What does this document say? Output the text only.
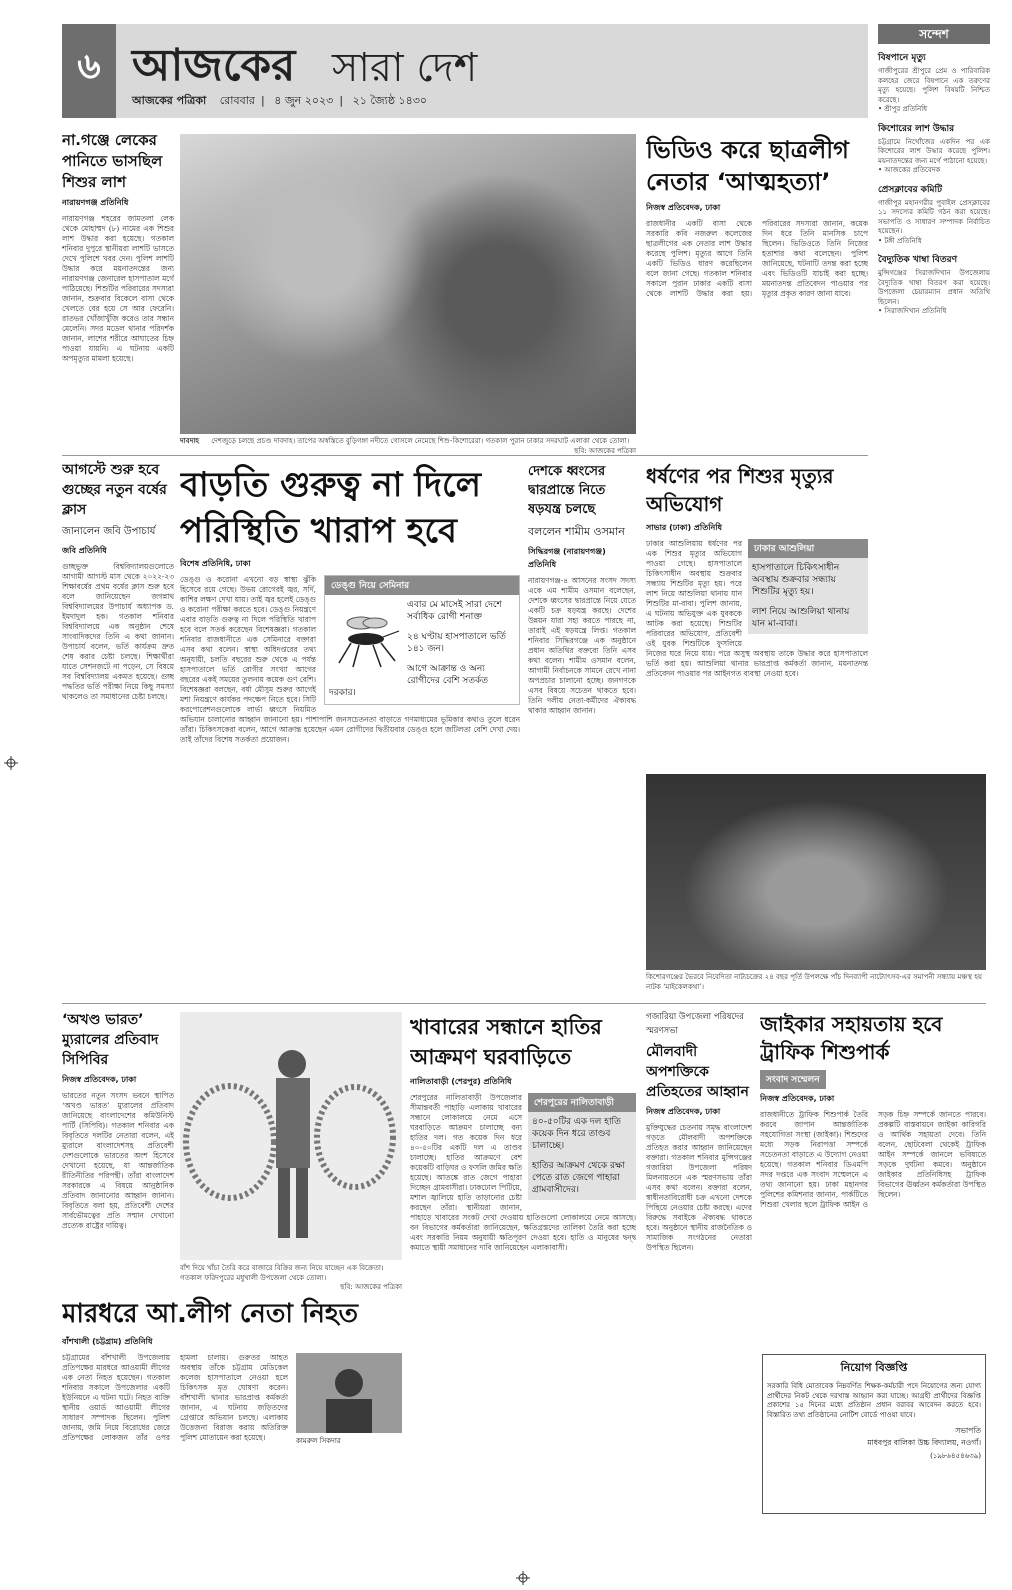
৬ আজকের সারা দেশ
আজকের পত্রিকা রোববার | ৪ জুন ২০২৩ | ২১ জ্যৈষ্ঠ ১৪৩০
সন্দেশ
বিষপানে মৃত্যু

গাজীপুরের শ্রীপুরে প্রেম ও পারিবারিক কলহের জেরে বিষপানে এক তরুণের মৃত্যু হয়েছে। পুলিশ বিষয়টি নিশ্চিত করেছে।

• শ্রীপুর প্রতিনিধি

কিশোরের লাশ উদ্ধার

চট্টগ্রামে নিখোঁজের একদিন পর এক কিশোরের লাশ উদ্ধার করেছে পুলিশ। ময়নাতদন্তের জন্য মর্গে পাঠানো হয়েছে।

• আজকের প্রতিবেদক

প্রেসক্লাবের কমিটি

গাজীপুর মহানগরীর পুবাইল প্রেসক্লাবের ১১ সদস্যের কমিটি গঠন করা হয়েছে। সভাপতি ও সাধারণ সম্পাদক নির্বাচিত হয়েছেন।

• টঙ্গী প্রতিনিধি

বৈদ্যুতিক খাম্বা বিতরণ

মুন্সিগঞ্জের সিরাজদিখান উপজেলায় বৈদ্যুতিক খাম্বা বিতরণ করা হয়েছে। উপজেলা চেয়ারম্যান প্রধান অতিথি ছিলেন।

• সিরাজদিখান প্রতিনিধি

না.গঞ্জে লেকের পানিতে ভাসছিল শিশুর লাশ
নারায়ণগঞ্জ প্রতিনিধি

নারায়ণগঞ্জ শহরের জামতলা লেক থেকে মোহাম্মদ (৮) নামের এক শিশুর লাশ উদ্ধার করা হয়েছে। গতকাল শনিবার দুপুরে স্থানীয়রা লাশটি ভাসতে দেখে পুলিশে খবর দেন। পুলিশ লাশটি উদ্ধার করে ময়নাতদন্তের জন্য নারায়ণগঞ্জ জেনারেল হাসপাতাল মর্গে পাঠিয়েছে। শিশুটির পরিবারের সদস্যরা জানান, শুক্রবার বিকেলে বাসা থেকে খেলতে বের হয়ে সে আর ফেরেনি। রাতভর খোঁজাখুঁজি করেও তার সন্ধান মেলেনি। সদর মডেল থানার পরিদর্শক জানান, লাশের শরীরে আঘাতের চিহ্ন পাওয়া যায়নি। এ ঘটনায় একটি অপমৃত্যুর মামলা হয়েছে।

দাবদাহ দেশজুড়ে চলছে প্রচণ্ড দাবদাহ। তাপের অস্বস্তিতে বুড়িগঙ্গা নদীতে গোসলে নেমেছে শিশু-কিশোরেরা। গতকাল পুরান ঢাকার সদরঘাট এলাকা থেকে তোলা।
ছবি: আজকের পত্রিকা
ভিডিও করে ছাত্রলীগ নেতার ‘আত্মহত্যা’
নিজস্ব প্রতিবেদক, ঢাকা

রাজধানীর একটি বাসা থেকে সরকারি কবি নজরুল কলেজের ছাত্রলীগের এক নেতার লাশ উদ্ধার করেছে পুলিশ। মৃত্যুর আগে তিনি একটি ভিডিও ধারণ করেছিলেন বলে জানা গেছে। গতকাল শনিবার সকালে পুরান ঢাকার একটি বাসা থেকে লাশটি উদ্ধার করা হয়। পরিবারের সদস্যরা জানান, কয়েক দিন ধরে তিনি মানসিক চাপে ছিলেন। ভিডিওতে তিনি নিজের হতাশার কথা বলেছেন। পুলিশ জানিয়েছে, ঘটনাটি তদন্ত করা হচ্ছে এবং ভিডিওটি যাচাই করা হচ্ছে। ময়নাতদন্ত প্রতিবেদন পাওয়ার পর মৃত্যুর প্রকৃত কারণ জানা যাবে।

আগস্টে শুরু হবে গুচ্ছের নতুন বর্ষের ক্লাস
জানালেন জবি উপাচার্য
জবি প্রতিনিধি

গুচ্ছভুক্ত বিশ্ববিদ্যালয়গুলোতে আগামী আগস্ট মাস থেকে ২০২২-২৩ শিক্ষাবর্ষের প্রথম বর্ষের ক্লাস শুরু হবে বলে জানিয়েছেন জগন্নাথ বিশ্ববিদ্যালয়ের উপাচার্য অধ্যাপক ড. ইমদাদুল হক। গতকাল শনিবার বিশ্ববিদ্যালয়ে এক অনুষ্ঠান শেষে সাংবাদিকদের তিনি এ কথা জানান। উপাচার্য বলেন, ভর্তি কার্যক্রম দ্রুত শেষ করার চেষ্টা চলছে। শিক্ষার্থীরা যাতে সেশনজটে না পড়েন, সে বিষয়ে সব বিশ্ববিদ্যালয় একমত হয়েছে। গুচ্ছ পদ্ধতির ভর্তি পরীক্ষা নিয়ে কিছু সমস্যা থাকলেও তা সমাধানের চেষ্টা চলছে।

বাড়তি গুরুত্ব না দিলে পরিস্থিতি খারাপ হবে
বিশেষ প্রতিনিধি, ঢাকা
ডেঙ্গু নিয়ে সেমিনার

এবার মে মাসেই সারা দেশে সর্বাধিক রোগী শনাক্ত

২৪ ঘণ্টায় হাসপাতালে ভর্তি ১৪১ জন।

আগে আক্রান্ত ও অন্য রোগীদের বেশি সতর্কত দরকার।

ডেঙ্গু ও করোনা এখনো বড় স্বাস্থ্য ঝুঁকি হিসেবে রয়ে গেছে। উভয় রোগেরই জ্বর, সর্দি, কাশির লক্ষণ দেখা যায়। তাই জ্বর হলেই ডেঙ্গু ও করোনা পরীক্ষা করতে হবে। ডেঙ্গু নিয়ন্ত্রণে এবার বাড়তি গুরুত্ব না দিলে পরিস্থিতি খারাপ হবে বলে সতর্ক করেছেন বিশেষজ্ঞরা। গতকাল শনিবার রাজধানীতে এক সেমিনারে বক্তারা এসব কথা বলেন। স্বাস্থ্য অধিদপ্তরের তথ্য অনুযায়ী, চলতি বছরের শুরু থেকে এ পর্যন্ত হাসপাতালে ভর্তি রোগীর সংখ্যা আগের বছরের একই সময়ের তুলনায় কয়েক গুণ বেশি। বিশেষজ্ঞরা বলছেন, বর্ষা মৌসুম শুরুর আগেই মশা নিয়ন্ত্রণে কার্যকর পদক্ষেপ নিতে হবে। সিটি করপোরেশনগুলোকে লার্ভা ধ্বংসে নিয়মিত অভিযান চালানোর আহ্বান জানানো হয়। পাশাপাশি জনসচেতনতা বাড়াতে গণমাধ্যমের ভূমিকার কথাও তুলে ধরেন তাঁরা। চিকিৎসকেরা বলেন, আগে আক্রান্ত হয়েছেন এমন রোগীদের দ্বিতীয়বার ডেঙ্গু হলে জটিলতা বেশি দেখা দেয়। তাই তাঁদের বিশেষ সতর্কতা প্রয়োজন।

দেশকে ধ্বংসের দ্বারপ্রান্তে নিতে ষড়যন্ত্র চলছে
বললেন শামীম ওসমান
সিদ্ধিরগঞ্জ (নারায়ণগঞ্জ) প্রতিনিধি

নারায়ণগঞ্জ-৪ আসনের সংসদ সদস্য একে এম শামীম ওসমান বলেছেন, দেশকে ধ্বংসের দ্বারপ্রান্তে নিয়ে যেতে একটি চক্র ষড়যন্ত্র করছে। দেশের উন্নয়ন যারা সহ্য করতে পারছে না, তারাই এই ষড়যন্ত্রে লিপ্ত। গতকাল শনিবার সিদ্ধিরগঞ্জে এক অনুষ্ঠানে প্রধান অতিথির বক্তব্যে তিনি এসব কথা বলেন। শামীম ওসমান বলেন, আগামী নির্বাচনকে সামনে রেখে নানা অপপ্রচার চালানো হচ্ছে। জনগণকে এসব বিষয়ে সচেতন থাকতে হবে। তিনি দলীয় নেতা-কর্মীদের ঐক্যবদ্ধ থাকার আহ্বান জানান।

ধর্ষণের পর শিশুর মৃত্যুর অভিযোগ
সাভার (ঢাকা) প্রতিনিধি
ঢাকার আশুলিয়া

হাসপাতালে চিকিৎসাধীন অবস্থায় শুক্রবার সন্ধ্যায় শিশুটির মৃত্যু হয়।

লাশ নিয়ে আশুলিয়া থানায় যান মা-বাবা।

ঢাকার আশুলিয়ায় ধর্ষণের পর এক শিশুর মৃত্যুর অভিযোগ পাওয়া গেছে। হাসপাতালে চিকিৎসাধীন অবস্থায় শুক্রবার সন্ধ্যায় শিশুটির মৃত্যু হয়। পরে লাশ নিয়ে আশুলিয়া থানায় যান শিশুটির মা-বাবা। পুলিশ জানায়, এ ঘটনায় অভিযুক্ত এক যুবককে আটক করা হয়েছে। শিশুটির পরিবারের অভিযোগ, প্রতিবেশী ওই যুবক শিশুটিকে ফুসলিয়ে নিজের ঘরে নিয়ে যায়। পরে অসুস্থ অবস্থায় তাকে উদ্ধার করে হাসপাতালে ভর্তি করা হয়। আশুলিয়া থানার ভারপ্রাপ্ত কর্মকর্তা জানান, ময়নাতদন্ত প্রতিবেদন পাওয়ার পর আইনগত ব্যবস্থা নেওয়া হবে।

কিশোরগঞ্জের ভৈরবে নিবেদিতা নাট্যচক্রের ২৪ বছর পূর্তি উপলক্ষে পাঁচ দিনব্যাপী নাট্যোৎসব-এর সমাপনী সন্ধ্যায় মঞ্চস্থ হয় নাটক ‘মাইকেলকথা’।
‘অখণ্ড ভারত’ ম্যুরালের প্রতিবাদ সিপিবির
নিজস্ব প্রতিবেদক, ঢাকা

ভারতের নতুন সংসদ ভবনে স্থাপিত ‘অখণ্ড ভারত’ ম্যুরালের প্রতিবাদ জানিয়েছে বাংলাদেশের কমিউনিস্ট পার্টি (সিপিবি)। গতকাল শনিবার এক বিবৃতিতে দলটির নেতারা বলেন, এই ম্যুরালে বাংলাদেশসহ প্রতিবেশী দেশগুলোকে ভারতের অংশ হিসেবে দেখানো হয়েছে, যা আন্তর্জাতিক রীতিনীতির পরিপন্থী। তাঁরা বাংলাদেশ সরকারকে এ বিষয়ে আনুষ্ঠানিক প্রতিবাদ জানানোর আহ্বান জানান। বিবৃতিতে বলা হয়, প্রতিবেশী দেশের সার্বভৌমত্বের প্রতি সম্মান দেখানো প্রত্যেক রাষ্ট্রের দায়িত্ব।

বাঁশ দিয়ে খাঁচা তৈরি করে বাজারে বিক্রির জন্য নিয়ে যাচ্ছেন এক বিক্রেতা। গতকাল ফরিদপুরের মধুখালী উপজেলা থেকে তোলা।
ছবি: আজকের পত্রিকা
খাবারের সন্ধানে হাতির আক্রমণ ঘরবাড়িতে
নালিতাবাড়ী (শেরপুর) প্রতিনিধি
শেরপুরের নালিতাবাড়ী

৪০-৫০টির এক দল হাতি কয়েক দিন ধরে তাণ্ডব চালাচ্ছে।

হাতির আক্রমণ থেকে রক্ষা পেতে রাত জেগে পাহারা গ্রামবাসীদের।

শেরপুরের নালিতাবাড়ী উপজেলার সীমান্তবর্তী পাহাড়ি এলাকায় খাবারের সন্ধানে লোকালয়ে নেমে এসে ঘরবাড়িতে আক্রমণ চালাচ্ছে বন্য হাতির দল। গত কয়েক দিন ধরে ৪০-৫০টির একটি দল এ তাণ্ডব চালাচ্ছে। হাতির আক্রমণে বেশ কয়েকটি বাড়িঘর ও ফসলি জমির ক্ষতি হয়েছে। আতঙ্কে রাত জেগে পাহারা দিচ্ছেন গ্রামবাসীরা। ঢাকঢোল পিটিয়ে, মশাল জ্বালিয়ে হাতি তাড়ানোর চেষ্টা করছেন তাঁরা। স্থানীয়রা জানান, পাহাড়ে খাবারের সংকট দেখা দেওয়ায় হাতিগুলো লোকালয়ে নেমে আসছে। বন বিভাগের কর্মকর্তারা জানিয়েছেন, ক্ষতিগ্রস্তদের তালিকা তৈরি করা হচ্ছে এবং সরকারি নিয়ম অনুযায়ী ক্ষতিপূরণ দেওয়া হবে। হাতি ও মানুষের দ্বন্দ্ব কমাতে স্থায়ী সমাধানের দাবি জানিয়েছেন এলাকাবাসী।

গজারিয়া উপজেলা পরিষদের স্মরণসভা
মৌলবাদী অপশক্তিকে প্রতিহতের আহ্বান
নিজস্ব প্রতিবেদক, ঢাকা

মুক্তিযুদ্ধের চেতনায় সমৃদ্ধ বাংলাদেশ গড়তে মৌলবাদী অপশক্তিকে প্রতিহত করার আহ্বান জানিয়েছেন বক্তারা। গতকাল শনিবার মুন্সিগঞ্জের গজারিয়া উপজেলা পরিষদ মিলনায়তনে এক স্মরণসভায় তাঁরা এসব কথা বলেন। বক্তারা বলেন, স্বাধীনতাবিরোধী চক্র এখনো দেশকে পিছিয়ে নেওয়ার চেষ্টা করছে। এদের বিরুদ্ধে সবাইকে ঐক্যবদ্ধ থাকতে হবে। অনুষ্ঠানে স্থানীয় রাজনৈতিক ও সামাজিক সংগঠনের নেতারা উপস্থিত ছিলেন।

জাইকার সহায়তায় হবে ট্রাফিক শিশুপার্ক
সংবাদ সম্মেলন
নিজস্ব প্রতিবেদক, ঢাকা

রাজধানীতে ট্রাফিক শিশুপার্ক তৈরি করবে জাপান আন্তর্জাতিক সহযোগিতা সংস্থা (জাইকা)। শিশুদের মধ্যে সড়ক নিরাপত্তা সম্পর্কে সচেতনতা বাড়াতে এ উদ্যোগ নেওয়া হয়েছে। গতকাল শনিবার ডিএমপি সদর দপ্তরে এক সংবাদ সম্মেলনে এ তথ্য জানানো হয়। ঢাকা মহানগর পুলিশের কমিশনার জানান, পার্কটিতে শিশুরা খেলার ছলে ট্রাফিক আইন ও সড়ক চিহ্ন সম্পর্কে জানতে পারবে। প্রকল্পটি বাস্তবায়নে জাইকা কারিগরি ও আর্থিক সহায়তা দেবে। তিনি বলেন, ছোটবেলা থেকেই ট্রাফিক আইন সম্পর্কে জানলে ভবিষ্যতে সড়কে দুর্ঘটনা কমবে। অনুষ্ঠানে জাইকার প্রতিনিধিসহ ট্রাফিক বিভাগের ঊর্ধ্বতন কর্মকর্তারা উপস্থিত ছিলেন।

মারধরে আ.লীগ নেতা নিহত
বাঁশখালী (চট্টগ্রাম) প্রতিনিধি
কামরুল সিকদার

চট্টগ্রামের বাঁশখালী উপজেলায় প্রতিপক্ষের মারধরে আওয়ামী লীগের এক নেতা নিহত হয়েছেন। গতকাল শনিবার সকালে উপজেলার একটি ইউনিয়নে এ ঘটনা ঘটে। নিহত ব্যক্তি স্থানীয় ওয়ার্ড আওয়ামী লীগের সাধারণ সম্পাদক ছিলেন। পুলিশ জানায়, জমি নিয়ে বিরোধের জেরে প্রতিপক্ষের লোকজন তাঁর ওপর হামলা চালায়। গুরুতর আহত অবস্থায় তাঁকে চট্টগ্রাম মেডিকেল কলেজ হাসপাতালে নেওয়া হলে চিকিৎসক মৃত ঘোষণা করেন। বাঁশখালী থানার ভারপ্রাপ্ত কর্মকর্তা জানান, এ ঘটনায় জড়িতদের গ্রেপ্তারে অভিযান চলছে। এলাকায় উত্তেজনা বিরাজ করায় অতিরিক্ত পুলিশ মোতায়েন করা হয়েছে।

নিয়োগ বিজ্ঞপ্তি

সরকারি বিধি মোতাবেক নিম্নবর্ণিত শিক্ষক-কর্মচারী পদে নিয়োগের জন্য যোগ্য প্রার্থীদের নিকট থেকে দরখাস্ত আহ্বান করা যাচ্ছে। আগ্রহী প্রার্থীদের বিজ্ঞপ্তি প্রকাশের ১৫ দিনের মধ্যে প্রতিষ্ঠান প্রধান বরাবর আবেদন করতে হবে। বিস্তারিত তথ্য প্রতিষ্ঠানের নোটিশ বোর্ডে পাওয়া যাবে।

সভাপতি
মাধবপুর বালিকা উচ্চ বিদ্যালয়, নওগাঁ।
(১৯৮৬৪৫৪৬৩৯)
